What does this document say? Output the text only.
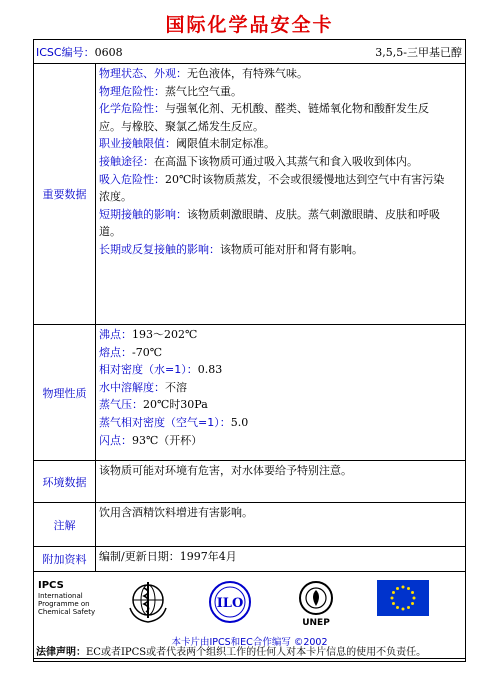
国际化学品安全卡
ICSC编号：0608	3,5,5-三甲基已醇
重要数据
物理状态、外观：无色液体，有特殊气味。
物理危险性：蒸气比空气重。
化学危险性：与强氧化剂、无机酸、醛类、链烯氧化物和酸酐发生反
应。与橡胶、聚氯乙烯发生反应。
职业接触限值：阈限值未制定标准。
接触途径：在高温下该物质可通过吸入其蒸气和食入吸收到体内。
吸入危险性：20℃时该物质蒸发，不会或很缓慢地达到空气中有害污染
浓度。
短期接触的影响：该物质刺激眼睛、皮肤。蒸气刺激眼睛、皮肤和呼吸
道。
长期或反复接触的影响：该物质可能对肝和肾有影响。
物理性质
沸点：193～202℃
熔点：-70℃
相对密度（水=1）：0.83
水中溶解度：不溶
蒸气压：20℃时30Pa
蒸气相对密度（空气=1）：5.0
闪点：93℃（开杯）
环境数据
该物质可能对环境有危害，对水体要给予特别注意。
注解
饮用含酒精饮料增进有害影响。
附加资料	编制/更新日期：1997年4月
IPCS
International
Programme on
Chemical Safety
ILO
UNEP
本卡片由IPCS和EC合作编写 ©2002
法律声明：EC或者IPCS或者代表两个组织工作的任何人对本卡片信息的使用不负责任。
